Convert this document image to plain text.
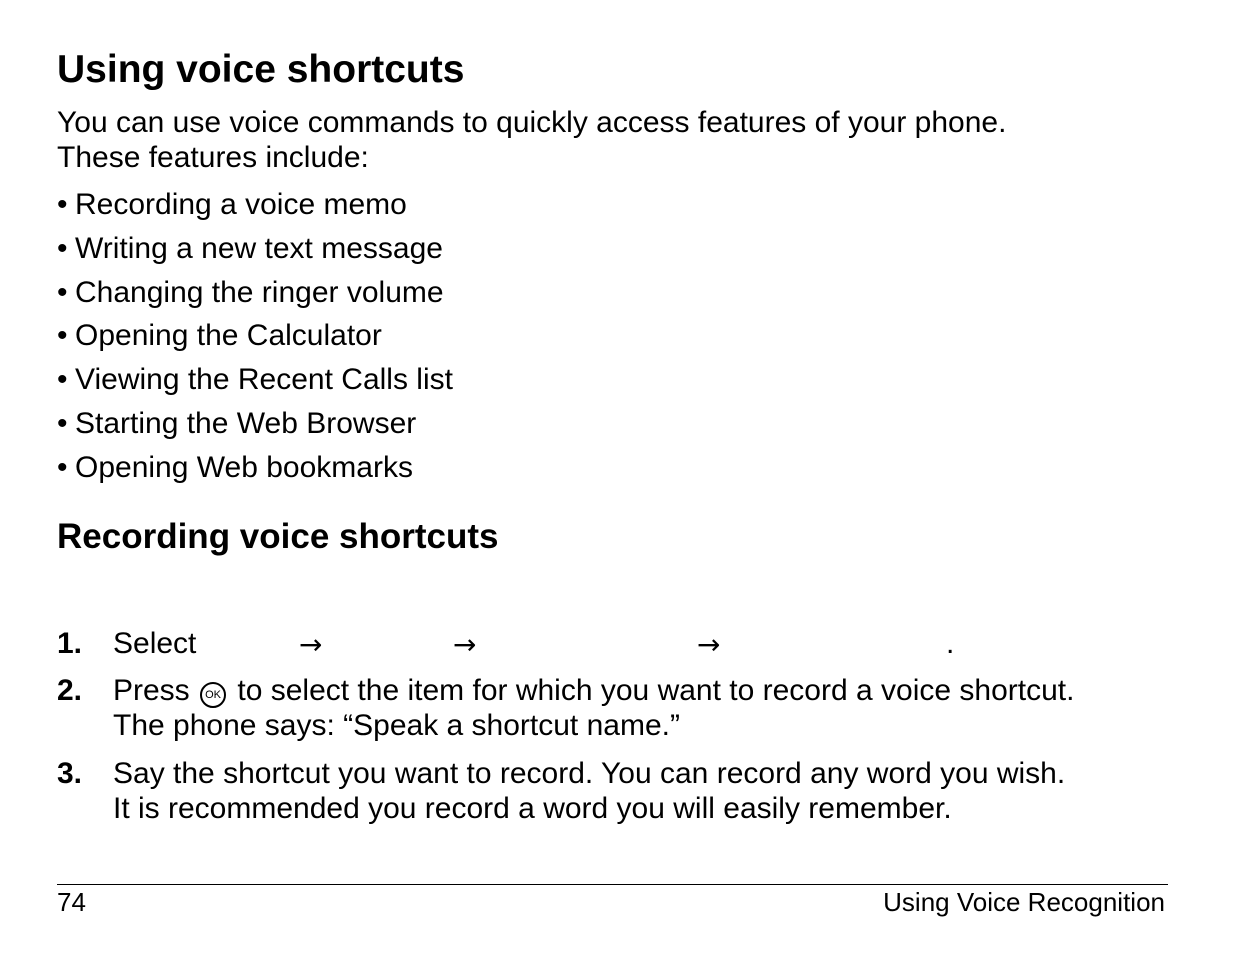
Using voice shortcuts
You can use voice commands to quickly access features of your phone.
These features include:
• Recording a voice memo
• Writing a new text message
• Changing the ringer volume
• Opening the Calculator
• Viewing the Recent Calls list
• Starting the Web Browser
• Opening Web bookmarks
Recording voice shortcuts
1. Select	→	→	→	.
2. Press OK to select the item for which you want to record a voice shortcut.
The phone says: “Speak a shortcut name.”
3. Say the shortcut you want to record. You can record any word you wish.
It is recommended you record a word you will easily remember.
74	Using Voice Recognition
